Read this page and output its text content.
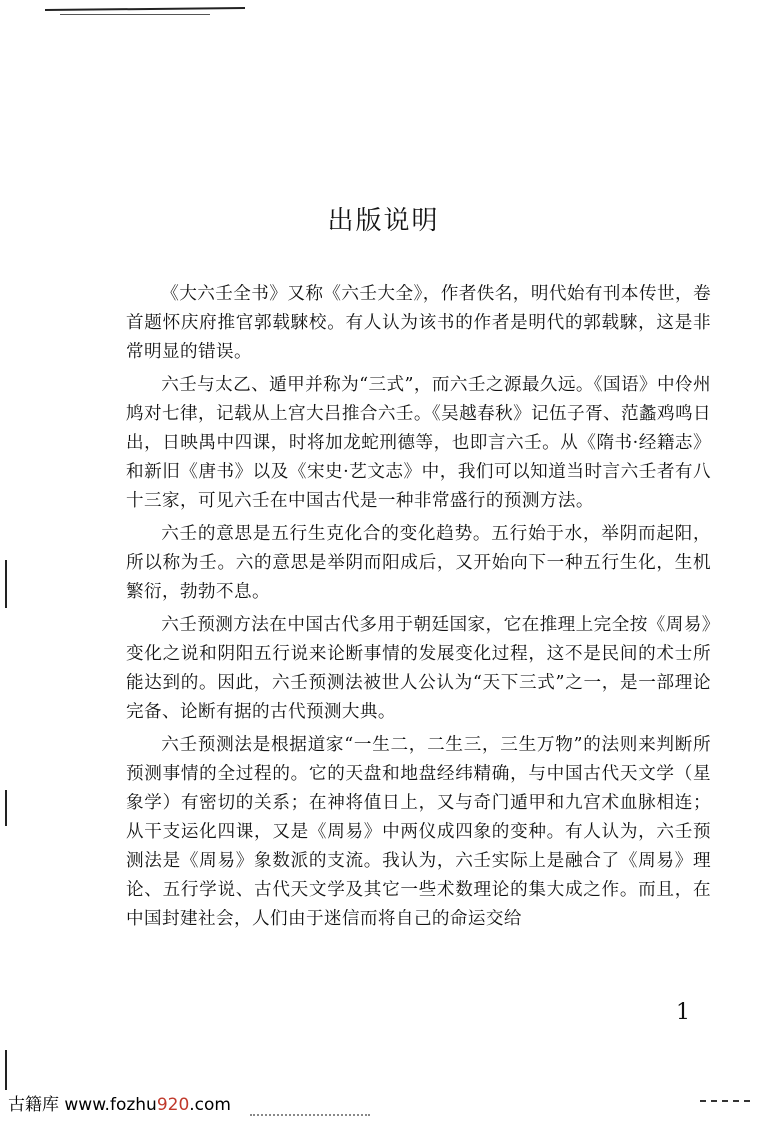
出版说明

《大六壬全书》又称《六壬大全》，作者佚名，明代始有刊本传世，卷首题怀庆府推官郭载騋校。有人认为该书的作者是明代的郭载騋，这是非常明显的错误。

六壬与太乙、遁甲并称为“三式”，而六壬之源最久远。《国语》中伶州鸠对七律，记载从上宫大吕推合六壬。《吴越春秋》记伍子胥、范蠡鸡鸣日出，日映禺中四课，时将加龙蛇刑德等，也即言六壬。从《隋书·经籍志》和新旧《唐书》以及《宋史·艺文志》中，我们可以知道当时言六壬者有八十三家，可见六壬在中国古代是一种非常盛行的预测方法。

六壬的意思是五行生克化合的变化趋势。五行始于水，举阴而起阳，所以称为壬。六的意思是举阴而阳成后，又开始向下一种五行生化，生机繁衍，勃勃不息。

六壬预测方法在中国古代多用于朝廷国家，它在推理上完全按《周易》变化之说和阴阳五行说来论断事情的发展变化过程，这不是民间的术士所能达到的。因此，六壬预测法被世人公认为“天下三式”之一，是一部理论完备、论断有据的古代预测大典。

六壬预测法是根据道家“一生二，二生三，三生万物”的法则来判断所预测事情的全过程的。它的天盘和地盘经纬精确，与中国古代天文学（星象学）有密切的关系；在神将值日上，又与奇门遁甲和九宫术血脉相连；从干支运化四课，又是《周易》中两仪成四象的变种。有人认为，六壬预测法是《周易》象数派的支流。我认为，六壬实际上是融合了《周易》理论、五行学说、古代天文学及其它一些术数理论的集大成之作。而且，在中国封建社会，人们由于迷信而将自己的命运交给

1
古籍库 www.fozhu920.com
